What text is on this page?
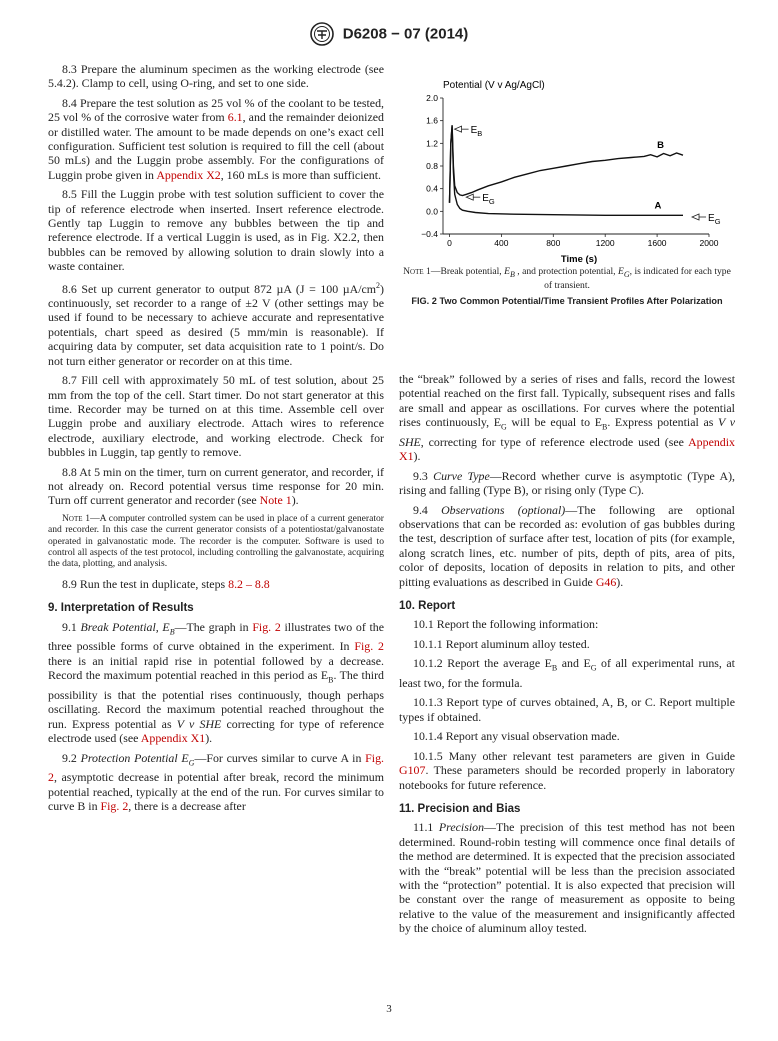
D6208 − 07 (2014)

8.3 Prepare the aluminum specimen as the working electrode (see 5.4.2). Clamp to cell, using O-ring, and set to one side.

8.4 Prepare the test solution as 25 vol % of the coolant to be tested, 25 vol % of the corrosive water from 6.1, and the remainder deionized or distilled water. The amount to be made depends on one’s exact cell configuration. Sufficient test solution is required to fill the cell (about 50 mLs) and the Luggin probe assembly. For the configurations of Luggin probe given in Appendix X2, 160 mLs is more than sufficient.

8.5 Fill the Luggin probe with test solution sufficient to cover the tip of reference electrode when inserted. Insert reference electrode. Gently tap Luggin to remove any bubbles between the tip and reference electrode. If a vertical Luggin is used, as in Fig. X2.2, then bubbles can be removed by allowing solution to drain slowly into a waste container.

8.6 Set up current generator to output 872 µA (J = 100 $\mu A/cm^2$) continuously, set recorder to a range of ±2 V (other settings may be used if found to be necessary to achieve accurate and representative potentials, chart speed as desired (5 mm/min is reasonable). If acquiring data by computer, set data acquisition rate to 1 point/s. Do not turn either generator or recorder on at this time.

8.7 Fill cell with approximately 50 mL of test solution, about 25 mm from the top of the cell. Start timer. Do not start generator at this time. Recorder may be turned on at this time. Assemble cell over Luggin probe and auxiliary electrode. Attach wires to reference electrode, auxiliary electrode, and working electrode. Check for bubbles in Luggin, tap gently to remove.

8.8 At 5 min on the timer, turn on current generator, and recorder, if not already on. Record potential versus time response for 20 min. Turn off current generator and recorder (see Note 1).

Note 1—A computer controlled system can be used in place of a current generator and recorder. In this case the current generator consists of a potentiostat/galvanostate operated in galvanostatic mode. The recorder is the computer. Software is used to control all aspects of the test protocol, including controlling the galvanostate, acquiring the data, plotting, and analysis.

8.9 Run the test in duplicate, steps 8.2 – 8.8

9. Interpretation of Results

9.1 Break Potential, $E_B—The$ graph in Fig. 2 illustrates two of the three possible forms of curve obtained in the experiment. In Fig. 2 there is an initial rapid rise in potential followed by a decrease. Record the maximum potential reached in this period as $E_B$. The third possibility is that the potential rises continuously, though perhaps oscillating. Record the maximum potential reached throughout the run. Express potential as V v SHE correcting for type of reference electrode used (see Appendix X1).

9.2 Protection Potential $E_G—For$ curves similar to curve A in Fig. 2, asymptotic decrease in potential after break, record the minimum potential reached, typically at the end of the run. For curves similar to curve B in Fig. 2, there is a decrease after

Potential (V v Ag/AgCl)
−0.4
0.0
0.4
0.8
1.2
1.6
2.0
0	400	800	1200	1600	2000
$E_B$
$E_G$
$E_G$
B
A
Time (s)
Note 1—Break potential, $E_B$ , and protection potential, $E_G$, is indicated for each type of transient.
FIG. 2 Two Common Potential/Time Transient Profiles After Polarization

the “break” followed by a series of rises and falls, record the lowest potential reached on the first fall. Typically, subsequent rises and falls are small and appear as oscillations. For curves where the potential rises continuously, $E_G$ will be equal to $E_B$. Express potential as V v SHE, correcting for type of reference electrode used (see Appendix X1).

9.3 Curve Type—Record whether curve is asymptotic (Type A), rising and falling (Type B), or rising only (Type C).

9.4 Observations (optional)—The following are optional observations that can be recorded as: evolution of gas bubbles during the test, description of surface after test, location of pits (for example, along scratch lines, etc. number of pits, depth of pits, area of pits, color of deposits, location of deposits in relation to pits, and other pitting evaluations as described in Guide G46).

10. Report

10.1 Report the following information:

10.1.1 Report aluminum alloy tested.

10.1.2 Report the average $E_B$ and $E_G$ of all experimental runs, at least two, for the formula.

10.1.3 Report type of curves obtained, A, B, or C. Report multiple types if obtained.

10.1.4 Report any visual observation made.

10.1.5 Many other relevant test parameters are given in Guide G107. These parameters should be recorded properly in laboratory notebooks for future reference.

11. Precision and Bias

11.1 Precision—The precision of this test method has not been determined. Round-robin testing will commence once final details of the method are determined. It is expected that the precision associated with the “break” potential will be less than the precision associated with the “protection” potential. It is also expected that precision will be constant over the range of measurement as opposite to being relative to the value of the measurement and insignificantly affected by the choice of aluminum alloy tested.

3
